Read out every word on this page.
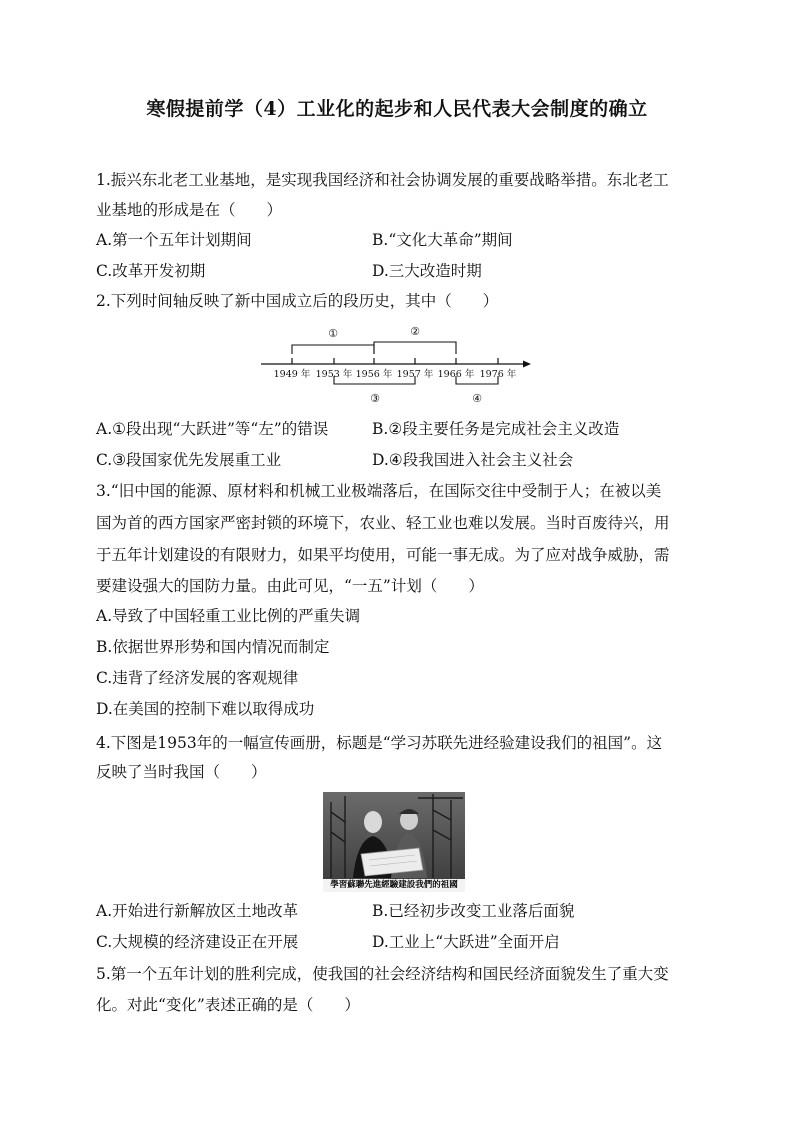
寒假提前学（4）工业化的起步和人民代表大会制度的确立
1.振兴东北老工业基地，是实现我国经济和社会协调发展的重要战略举措。东北老工
业基地的形成是在（　　）
A.第一个五年计划期间	B.“文化大革命”期间
C.改革开发初期	D.三大改造时期
2.下列时间轴反映了新中国成立后的段历史，其中（　　）
①	②
③	④
1949 年 1953 年 1956 年 1957 年 1966 年 1976 年
A.①段出现“大跃进”等“左”的错误	B.②段主要任务是完成社会主义改造
C.③段国家优先发展重工业	D.④段我国进入社会主义社会
3.“旧中国的能源、原材料和机械工业极端落后，在国际交往中受制于人；在被以美
国为首的西方国家严密封锁的环境下，农业、轻工业也难以发展。当时百废待兴，用
于五年计划建设的有限财力，如果平均使用，可能一事无成。为了应对战争威胁，需
要建设强大的国防力量。由此可见，“一五”计划（　　）
A.导致了中国轻重工业比例的严重失调
B.依据世界形势和国内情况而制定
C.违背了经济发展的客观规律
D.在美国的控制下难以取得成功
4.下图是1953年的一幅宣传画册，标题是“学习苏联先进经验建设我们的祖国”。这
反映了当时我国（　　）
學習蘇聯先進經驗建設我們的祖國
A.开始进行新解放区土地改革	B.已经初步改变工业落后面貌
C.大规模的经济建设正在开展	D.工业上“大跃进”全面开启
5.第一个五年计划的胜利完成，使我国的社会经济结构和国民经济面貌发生了重大变
化。对此“变化”表述正确的是（　　）
